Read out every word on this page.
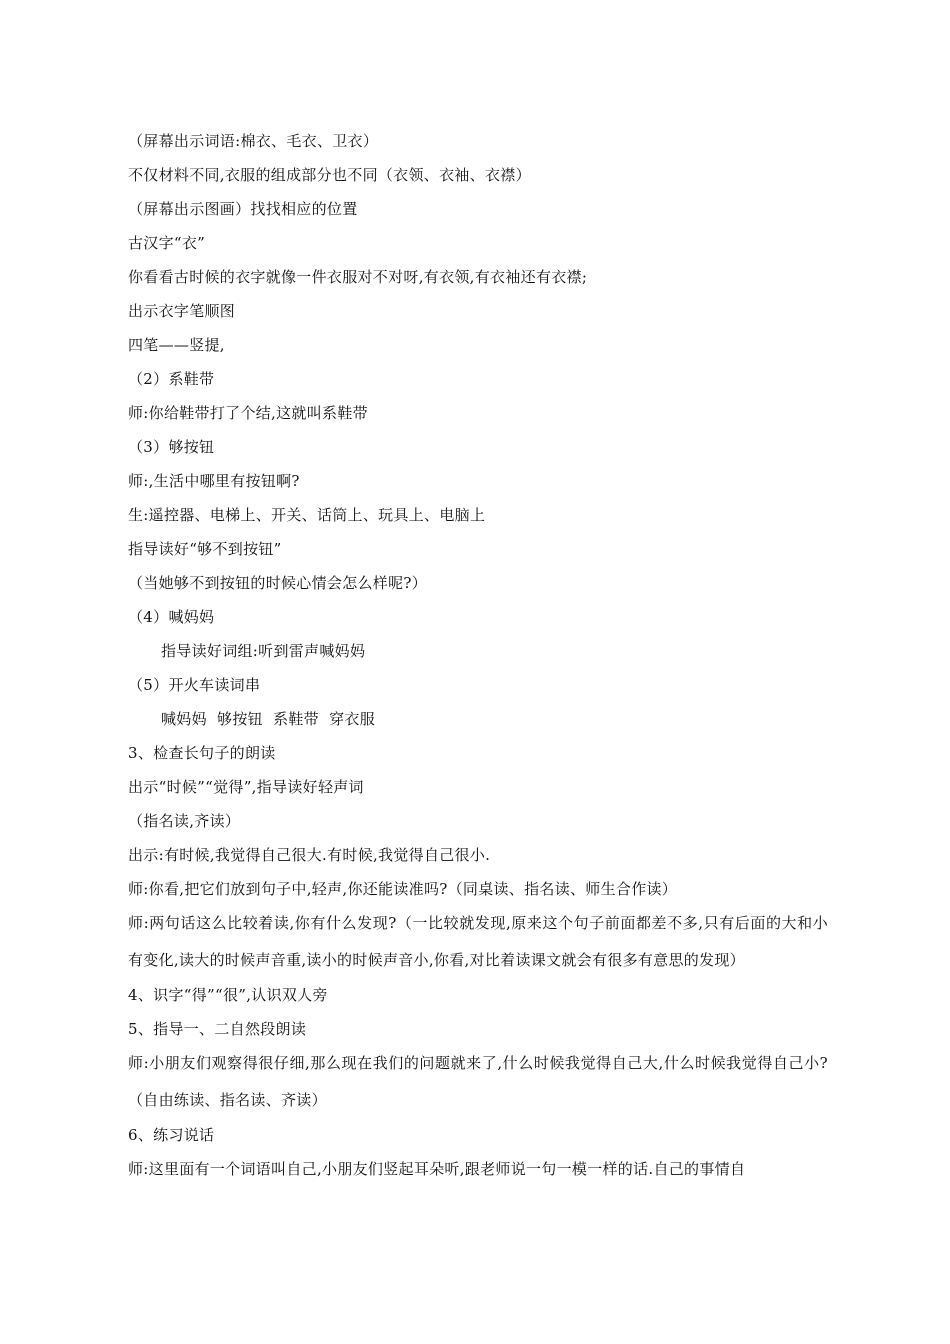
（屏幕出示词语:棉衣、毛衣、卫衣）
不仅材料不同,衣服的组成部分也不同（衣领、衣袖、衣襟）
（屏幕出示图画）找找相应的位置
古汉字“衣”
你看看古时候的衣字就像一件衣服对不对呀,有衣领,有衣袖还有衣襟;
出示衣字笔顺图
四笔——竖提,
（2）系鞋带
师:你给鞋带打了个结,这就叫系鞋带
（3）够按钮
师:,生活中哪里有按钮啊?
生:遥控器、电梯上、开关、话筒上、玩具上、电脑上
指导读好“够不到按钮”
（当她够不到按钮的时候心情会怎么样呢?）
（4）喊妈妈
指导读好词组:听到雷声喊妈妈
（5）开火车读词串
喊妈妈  够按钮  系鞋带  穿衣服
3、检查长句子的朗读
出示“时候”“觉得”,指导读好轻声词
（指名读,齐读）
出示:有时候,我觉得自己很大.有时候,我觉得自己很小.
师:你看,把它们放到句子中,轻声,你还能读准吗?（同桌读、指名读、师生合作读）
师:两句话这么比较着读,你有什么发现?（一比较就发现,原来这个句子前面都差不多,只有后面的大和小有变化,读大的时候声音重,读小的时候声音小,你看,对比着读课文就会有很多有意思的发现）
4、识字“得”“很”,认识双人旁
5、指导一、二自然段朗读
师:小朋友们观察得很仔细,那么现在我们的问题就来了,什么时候我觉得自己大,什么时候我觉得自己小?（自由练读、指名读、齐读）
6、练习说话
师:这里面有一个词语叫自己,小朋友们竖起耳朵听,跟老师说一句一模一样的话.自己的事情自
